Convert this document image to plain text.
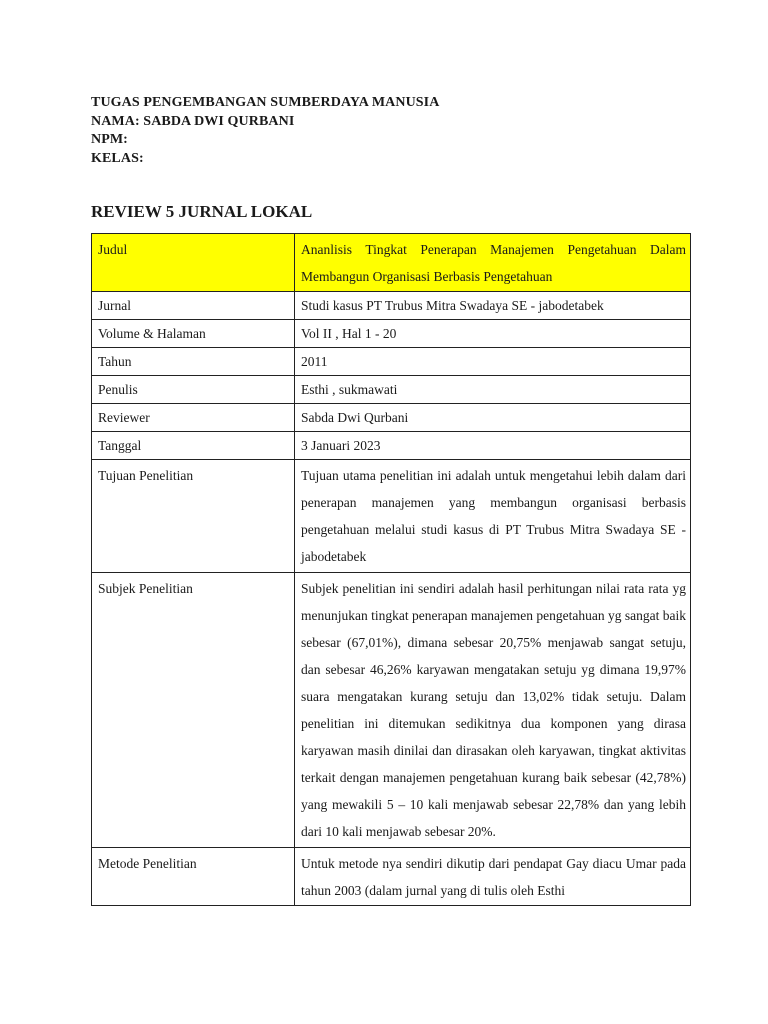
TUGAS PENGEMBANGAN SUMBERDAYA MANUSIA
NAMA: SABDA DWI QURBANI
NPM:
KELAS:
REVIEW 5 JURNAL LOKAL
Judul	Ananlisis Tingkat Penerapan Manajemen Pengetahuan Dalam Membangun Organisasi Berbasis Pengetahuan
Jurnal	Studi kasus PT Trubus Mitra Swadaya SE - jabodetabek
Volume & Halaman	Vol II , Hal 1 - 20
Tahun	2011
Penulis	Esthi , sukmawati
Reviewer	Sabda Dwi Qurbani
Tanggal	3 Januari 2023
Tujuan Penelitian	Tujuan utama penelitian ini adalah untuk mengetahui lebih dalam dari penerapan manajemen yang membangun organisasi berbasis pengetahuan melalui studi kasus di PT Trubus Mitra Swadaya SE - jabodetabek
Subjek Penelitian	Subjek penelitian ini sendiri adalah hasil perhitungan nilai rata rata yg menunjukan tingkat penerapan manajemen pengetahuan yg sangat baik sebesar (67,01%), dimana sebesar 20,75% menjawab sangat setuju, dan sebesar 46,26% karyawan mengatakan setuju yg dimana 19,97% suara mengatakan kurang setuju dan 13,02% tidak setuju. Dalam penelitian ini ditemukan sedikitnya dua komponen yang dirasa karyawan masih dinilai dan dirasakan oleh karyawan, tingkat aktivitas terkait dengan manajemen pengetahuan kurang baik sebesar (42,78%) yang mewakili 5 – 10 kali menjawab sebesar 22,78% dan yang lebih dari 10 kali menjawab sebesar 20%.
Metode Penelitian	Untuk metode nya sendiri dikutip dari pendapat Gay diacu Umar pada tahun 2003 (dalam jurnal yang di tulis oleh Esthi
